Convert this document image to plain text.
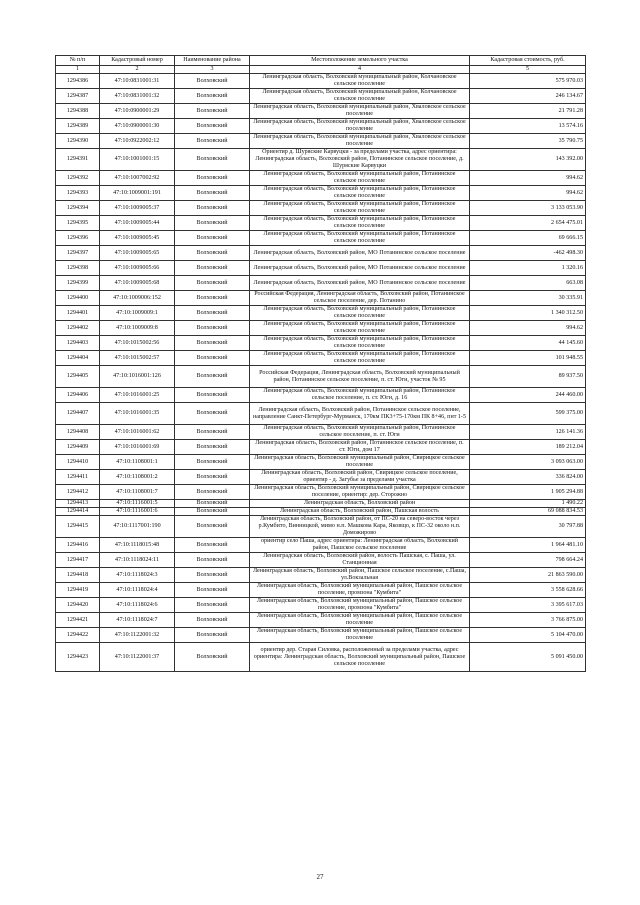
№ п/п	Кадастровый номер	Наименование района	Местоположение земельного участка	Кадастровая стоимость, руб.
1	2	3	4	5
1294386	47:10:0831001:31	Волховский	Ленинградская область, Волховский муниципальный район, Колчановское сельское поселение	575 970.03
1294387	47:10:0831001:32	Волховский	Ленинградская область, Волховский муниципальный район, Колчановское сельское поселение	246 134.67
1294388	47:10:0900001:29	Волховский	Ленинградская область, Волховский муниципальный район, Хваловское сельское поселение	21 791.28
1294389	47:10:0900001:30	Волховский	Ленинградская область, Волховский муниципальный район, Хваловское сельское поселение	13 574.16
1294390	47:10:0922002:12	Волховский	Ленинградская область, Волховский муниципальный район, Хваловское сельское поселение	35 790.75
1294391	47:10:1001001:15	Волховский	Ориентир д. Шуряские Карвуцки - за пределами участка, адрес ориентира: Ленинградская область, Волховский район, Потанинское сельское поселение, д. Шуряские Карвуцки	143 392.00
1294392	47:10:1007002:92	Волховский	Ленинградская область, Волховский муниципальный район, Потанинское сельское поселение	994.62
1294393	47:10:1009001:191	Волховский	Ленинградская область, Волховский муниципальный район, Потанинское сельское поселение	994.62
1294394	47:10:1009005:37	Волховский	Ленинградская область, Волховский муниципальный район, Потанинское сельское поселение	3 133 053.90
1294395	47:10:1009005:44	Волховский	Ленинградская область, Волховский муниципальный район, Потанинское сельское поселение	2 654 475.01
1294396	47:10:1009005:45	Волховский	Ленинградская область, Волховский муниципальный район, Потанинское сельское поселение	69 666.15
1294397	47:10:1009005:65	Волховский	Ленинградская область, Волховский район, МО Потанинское сельское поселение	-462 498.30
1294398	47:10:1009005:66	Волховский	Ленинградская область, Волховский район, МО Потанинское сельское поселение	1 320.16
1294399	47:10:1009005:68	Волховский	Ленинградская область, Волховский район, МО Потанинское сельское поселение	663.08
1294400	47:10:1009006:152	Волховский	Российская Федерация, Ленинградская область, Волховский район, Потанинское сельское поселение, дер. Потанино	30 335.91
1294401	47:10:1009009:1	Волховский	Ленинградская область, Волховский муниципальный район, Потанинское сельское поселение	1 340 312.50
1294402	47:10:1009009:8	Волховский	Ленинградская область, Волховский муниципальный район, Потанинское сельское поселение	994.62
1294403	47:10:1015002:56	Волховский	Ленинградская область, Волховский муниципальный район, Потанинское сельское поселение	44 145.60
1294404	47:10:1015002:57	Волховский	Ленинградская область, Волховский муниципальный район, Потанинское сельское поселение	101 948.55
1294405	47:10:1016001:126	Волховский	Российская Федерация, Ленинградская область, Волховский муниципальный район, Потанинское сельское поселение, п. ст. Юги, участок № 95	89 937.50
1294406	47:10:1016001:25	Волховский	Ленинградская область, Волховский муниципальный район, Потанинское сельское поселение, п. ст. Юги, д. 16	244 460.00
1294407	47:10:1016001:35	Волховский	Ленинградская область, Волховский район, Потанинское сельское поселение, направление Санкт-Петербург-Мурманск, 170км ПК3+75-170км ПК 8+46, пнт 1-5	599 375.00
1294408	47:10:1016001:62	Волховский	Ленинградская область, Волховский муниципальный район, Потанинское сельское поселение, п. ст. Юги	126 141.36
1294409	47:10:1016001:69	Волховский	Ленинградская область, Волховский район, Потанинское сельское поселение, п. ст. Юги, дом 17	189 212.04
1294410	47:10:1108001:1	Волховский	Ленинградская область, Волховский муниципальный район, Свирицкое сельское поселение	3 093 063.00
1294411	47:10:1108001:2	Волховский	Ленинградская область, Волховский район, Свирицкое сельское поселение, ориентир - д. Загубье за пределами участка	336 824.00
1294412	47:10:1108001:7	Волховский	Ленинградская область, Волховский муниципальный район, Свирицкое сельское поселение, ориентир: дер. Сторожно	1 905 294.88
1294413	47:10:1116001:5	Волховский	Ленинградская область, Волховский район	1 490.22
1294414	47:10:1116001:6	Волховский	Ленинградская область, Волховский район, Пашская волость	69 088 834.53
1294415	47:10:1117001:190	Волховский	Ленинградская область, Волховский район, от ПС-20 на северо-восток через р.Кумбито, Винницкой, мимо н.п. Машкова Кара, Яковщо, к ПС-32 около н.п. Доможирово	30 797.88
1294416	47:10:1118015:48	Волховский	ориентир село Паша, адрес ориентира: Ленинградская область, Волховский район, Пашское сельское поселение	1 964 481.10
1294417	47:10:1118024:11	Волховский	Ленинградская область, Волховский район, волость Пашская, с. Паша, ул. Станционная	798 664.24
1294418	47:10:1118024:3	Волховский	Ленинградская область, Волховский район, Пашское сельское поселение, с.Паша, ул.Вокзальная	21 863 590.00
1294419	47:10:1118024:4	Волховский	Ленинградская область, Волховский муниципальный район, Пашское сельское поселение, промзона "Кумбита"	3 558 628.66
1294420	47:10:1118024:6	Волховский	Ленинградская область, Волховский муниципальный район, Пашское сельское поселение, промзона "Кумбита"	3 395 617.03
1294421	47:10:1118024:7	Волховский	Ленинградская область, Волховский муниципальный район, Пашское сельское поселение	3 766 875.00
1294422	47:10:1122001:32	Волховский	Ленинградская область, Волховский муниципальный район, Пашское сельское поселение	5 104 470.00
1294423	47:10:1122001:37	Волховский	ориентир дер. Старая Силовка, расположенный за пределами участка, адрес ориентира: Ленинградская область, Волховский муниципальный район, Пашское сельское поселение	5 091 450.00
27
